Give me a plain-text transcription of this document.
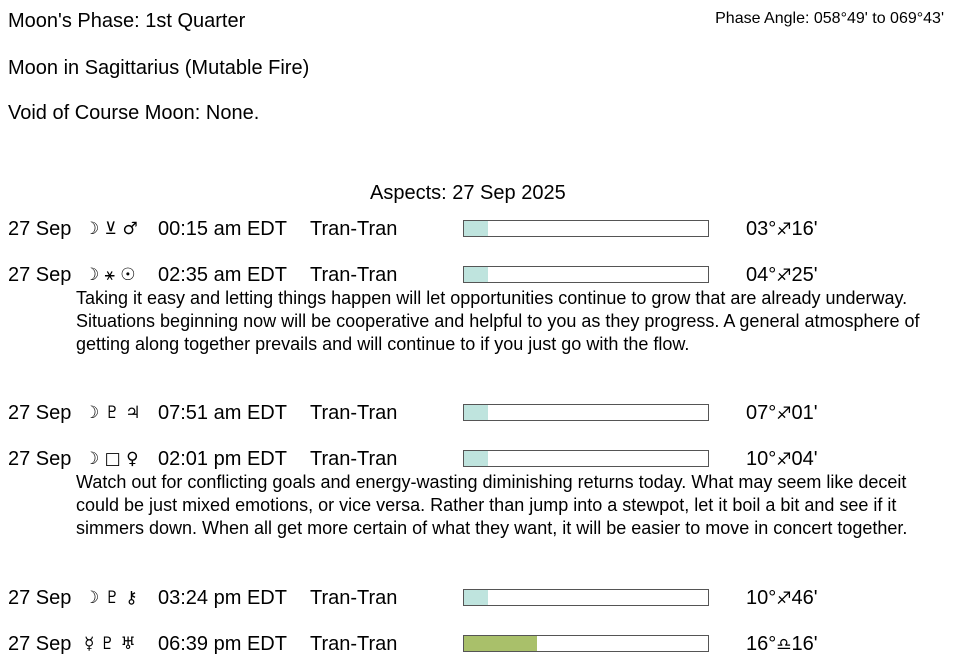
Moon's Phase: 1st Quarter	Phase Angle: 058°49' to 069°43'
Moon in Sagittarius (Mutable Fire)
Void of Course Moon: None.
Aspects: 27 Sep 2025
27 Sep ☽ ⊻ ♂ 00:15 am EDT Tran-Tran	03°♐16'
27 Sep ☽ ⚹ ☉ 02:35 am EDT Tran-Tran	04°♐25'
Taking it easy and letting things happen will let opportunities continue to grow that are already underway. Situations beginning now will be cooperative and helpful to you as they progress. A general atmosphere of getting along together prevails and will continue to if you just go with the flow.
27 Sep ☽ ♇ ♃ 07:51 am EDT Tran-Tran	07°♐01'
27 Sep ☽ □ ♀ 02:01 pm EDT Tran-Tran	10°♐04'
Watch out for conflicting goals and energy-wasting diminishing returns today. What may seem like deceit could be just mixed emotions, or vice versa. Rather than jump into a stewpot, let it boil a bit and see if it simmers down. When all get more certain of what they want, it will be easier to move in concert together.
27 Sep ☽ ♇ ⚷ 03:24 pm EDT Tran-Tran	10°♐46'
27 Sep ☿ ♇ ♅ 06:39 pm EDT Tran-Tran	16°♎16'
